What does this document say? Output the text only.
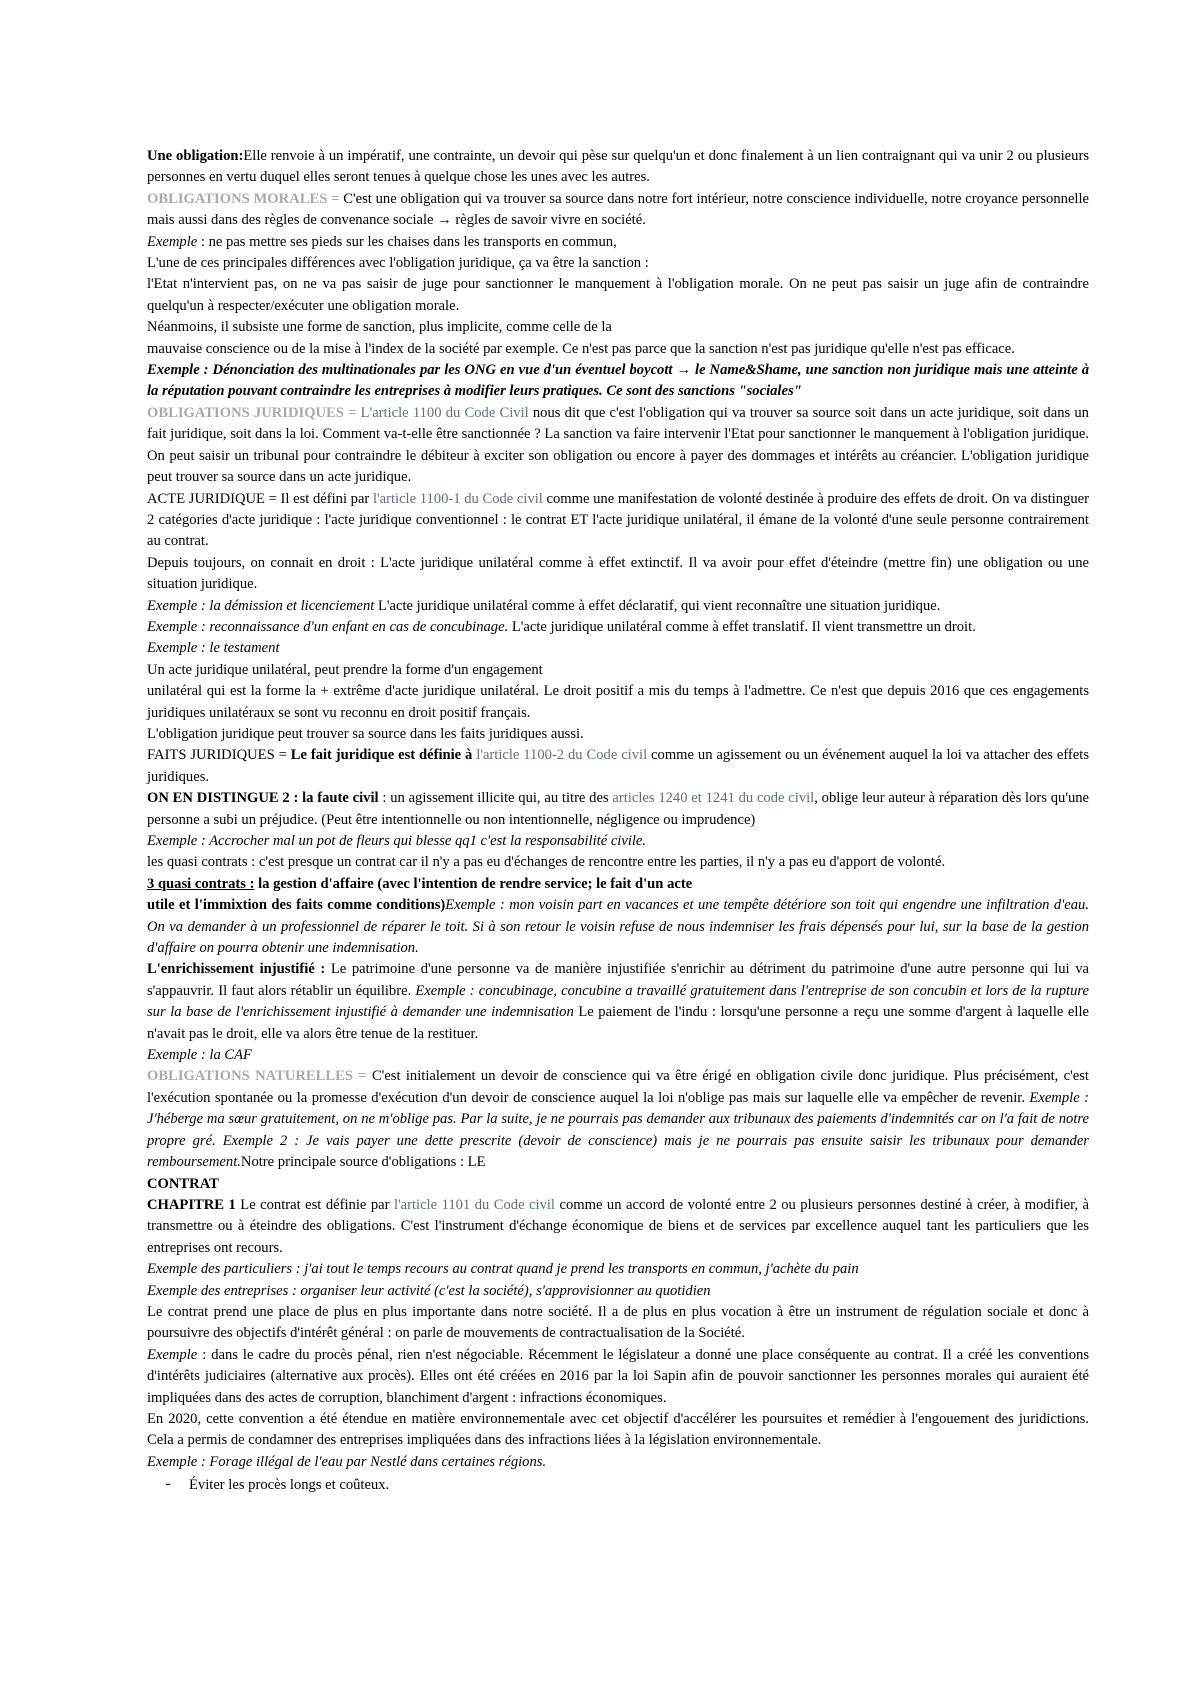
Une obligation:Elle renvoie à un impératif, une contrainte, un devoir qui pèse sur quelqu'un et donc finalement à un lien contraignant qui va unir 2 ou plusieurs personnes en vertu duquel elles seront tenues à quelque chose les unes avec les autres.

OBLIGATIONS MORALES = C'est une obligation qui va trouver sa source dans notre fort intérieur, notre conscience individuelle, notre croyance personnelle mais aussi dans des règles de convenance sociale → règles de savoir vivre en société.

Exemple : ne pas mettre ses pieds sur les chaises dans les transports en commun,

L'une de ces principales différences avec l'obligation juridique, ça va être la sanction :

l'Etat n'intervient pas, on ne va pas saisir de juge pour sanctionner le manquement à l'obligation morale. On ne peut pas saisir un juge afin de contraindre quelqu'un à respecter/exécuter une obligation morale.

Néanmoins, il subsiste une forme de sanction, plus implicite, comme celle de la

mauvaise conscience ou de la mise à l'index de la société par exemple. Ce n'est pas parce que la sanction n'est pas juridique qu'elle n'est pas efficace.

Exemple : Dénonciation des multinationales par les ONG en vue d'un éventuel boycott → le Name&Shame, une sanction non juridique mais une atteinte à la réputation pouvant contraindre les entreprises à modifier leurs pratiques. Ce sont des sanctions "sociales"

OBLIGATIONS JURIDIQUES = L'article 1100 du Code Civil nous dit que c'est l'obligation qui va trouver sa source soit dans un acte juridique, soit dans un fait juridique, soit dans la loi. Comment va-t-elle être sanctionnée ? La sanction va faire intervenir l'Etat pour sanctionner le manquement à l'obligation juridique. On peut saisir un tribunal pour contraindre le débiteur à exciter son obligation ou encore à payer des dommages et intérêts au créancier. L'obligation juridique peut trouver sa source dans un acte juridique.

ACTE JURIDIQUE = Il est défini par l'article 1100-1 du Code civil comme une manifestation de volonté destinée à produire des effets de droit. On va distinguer 2 catégories d'acte juridique : l'acte juridique conventionnel : le contrat ET l'acte juridique unilatéral, il émane de la volonté d'une seule personne contrairement au contrat.

Depuis toujours, on connait en droit : L'acte juridique unilatéral comme à effet extinctif. Il va avoir pour effet d'éteindre (mettre fin) une obligation ou une situation juridique.

Exemple : la démission et licenciement L'acte juridique unilatéral comme à effet déclaratif, qui vient reconnaître une situation juridique.

Exemple : reconnaissance d'un enfant en cas de concubinage. L'acte juridique unilatéral comme à effet translatif. Il vient transmettre un droit.

Exemple : le testament

Un acte juridique unilatéral, peut prendre la forme d'un engagement

unilatéral qui est la forme la + extrême d'acte juridique unilatéral. Le droit positif a mis du temps à l'admettre. Ce n'est que depuis 2016 que ces engagements juridiques unilatéraux se sont vu reconnu en droit positif français.

L'obligation juridique peut trouver sa source dans les faits juridiques aussi.

FAITS JURIDIQUES = Le fait juridique est définie à l'article 1100-2 du Code civil comme un agissement ou un événement auquel la loi va attacher des effets juridiques.

ON EN DISTINGUE 2 : la faute civil : un agissement illicite qui, au titre des articles 1240 et 1241 du code civil, oblige leur auteur à réparation dès lors qu'une personne a subi un préjudice. (Peut être intentionnelle ou non intentionnelle, négligence ou imprudence)

Exemple : Accrocher mal un pot de fleurs qui blesse qq1 c'est la responsabilité civile.

les quasi contrats : c'est presque un contrat car il n'y a pas eu d'échanges de rencontre entre les parties, il n'y a pas eu d'apport de volonté.

3 quasi contrats : la gestion d'affaire (avec l'intention de rendre service; le fait d'un acte

utile et l'immixtion des faits comme conditions)Exemple : mon voisin part en vacances et une tempête détériore son toit qui engendre une infiltration d'eau. On va demander à un professionnel de réparer le toit. Si à son retour le voisin refuse de nous indemniser les frais dépensés pour lui, sur la base de la gestion d'affaire on pourra obtenir une indemnisation.

L'enrichissement injustifié : Le patrimoine d'une personne va de manière injustifiée s'enrichir au détriment du patrimoine d'une autre personne qui lui va s'appauvrir. Il faut alors rétablir un équilibre. Exemple : concubinage, concubine a travaillé gratuitement dans l'entreprise de son concubin et lors de la rupture sur la base de l'enrichissement injustifié à demander une indemnisation Le paiement de l'indu : lorsqu'une personne a reçu une somme d'argent à laquelle elle n'avait pas le droit, elle va alors être tenue de la restituer.

Exemple : la CAF

OBLIGATIONS NATURELLES = C'est initialement un devoir de conscience qui va être érigé en obligation civile donc juridique. Plus précisément, c'est l'exécution spontanée ou la promesse d'exécution d'un devoir de conscience auquel la loi n'oblige pas mais sur laquelle elle va empêcher de revenir. Exemple : J'héberge ma sœur gratuitement, on ne m'oblige pas. Par la suite, je ne pourrais pas demander aux tribunaux des paiements d'indemnités car on l'a fait de notre propre gré. Exemple 2 : Je vais payer une dette prescrite (devoir de conscience) mais je ne pourrais pas ensuite saisir les tribunaux pour demander remboursement.Notre principale source d'obligations : LE

CONTRAT

CHAPITRE 1 Le contrat est définie par l'article 1101 du Code civil comme un accord de volonté entre 2 ou plusieurs personnes destiné à créer, à modifier, à transmettre ou à éteindre des obligations. C'est l'instrument d'échange économique de biens et de services par excellence auquel tant les particuliers que les entreprises ont recours.

Exemple des particuliers : j'ai tout le temps recours au contrat quand je prend les transports en commun, j'achète du pain

Exemple des entreprises : organiser leur activité (c'est la société), s'approvisionner au quotidien

Le contrat prend une place de plus en plus importante dans notre société. Il a de plus en plus vocation à être un instrument de régulation sociale et donc à poursuivre des objectifs d'intérêt général : on parle de mouvements de contractualisation de la Société.

Exemple : dans le cadre du procès pénal, rien n'est négociable. Récemment le législateur a donné une place conséquente au contrat. Il a créé les conventions d'intérêts judiciaires (alternative aux procès). Elles ont été créées en 2016 par la loi Sapin afin de pouvoir sanctionner les personnes morales qui auraient été impliquées dans des actes de corruption, blanchiment d'argent : infractions économiques.

En 2020, cette convention a été étendue en matière environnementale avec cet objectif d'accélérer les poursuites et remédier à l'engouement des juridictions. Cela a permis de condamner des entreprises impliquées dans des infractions liées à la législation environnementale.

Exemple : Forage illégal de l'eau par Nestlé dans certaines régions.

-	Éviter les procès longs et coûteux.
